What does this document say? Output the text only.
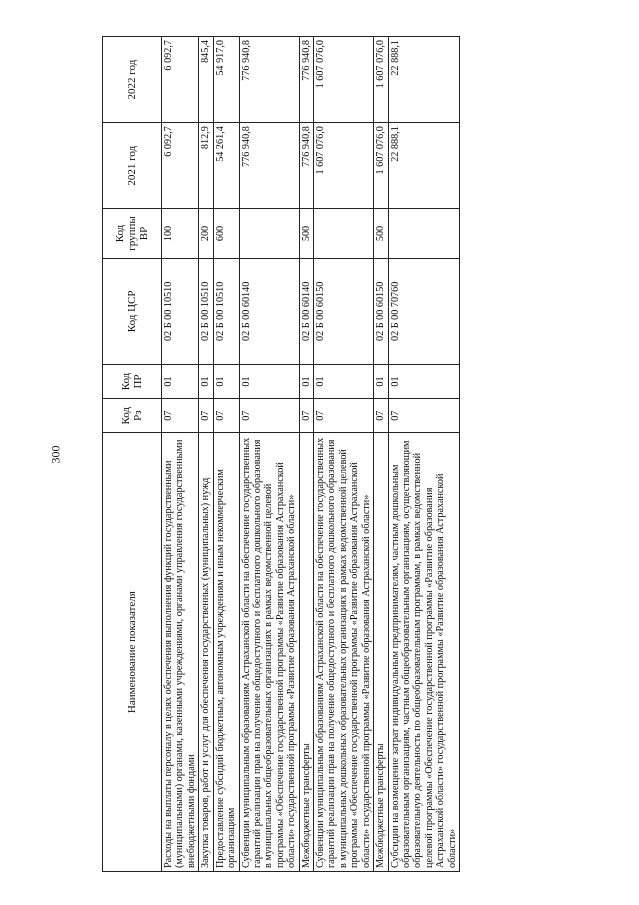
300
Наименование показателя	Код Рз	Код ПР	Код ЦСР	Код группы ВР	2021 год	2022 год
Расходы на выплаты персоналу в целях обеспечения выполнения функций государственными (муниципальными) органами, казенными учреждениями, органами управления государственными внебюджетными фондами	07	01	02 Б 00 10510	100	6 092,7	6 092,7
Закупка товаров, работ и услуг для обеспечения государственных (муниципальных) нужд	07	01	02 Б 00 10510	200	812,9	845,4
Предоставление субсидий бюджетным, автономным учреждениям и иным некоммерческим организациям	07	01	02 Б 00 10510	600	54 261,4	54 917,0
Субвенции муниципальным образованиям Астраханской области на обеспечение государственных гарантий реализации прав на получение общедоступного и бесплатного дошкольного образования в муниципальных общеобразовательных организациях в рамках ведомственной целевой программы «Обеспечение государственной программы «Развитие образования Астраханской области» государственной программы «Развитие образования Астраханской области»	07	01	02 Б 00 60140		776 940,8	776 940,8
Межбюджетные трансферты	07	01	02 Б 00 60140	500	776 940,8	776 940,8
Субвенции муниципальным образованиям Астраханской области на обеспечение государственных гарантий реализации прав на получение общедоступного и бесплатного дошкольного образования в муниципальных дошкольных образовательных организациях в рамках ведомственной целевой программы «Обеспечение государственной программы «Развитие образования Астраханской области» государственной программы «Развитие образования Астраханской области»	07	01	02 Б 00 60150		1 607 076,0	1 607 076,0
Межбюджетные трансферты	07	01	02 Б 00 60150	500	1 607 076,0	1 607 076,0
Субсидии на возмещение затрат индивидуальным предпринимателям, частным дошкольным образовательным организациям, частным общеобразовательным организациям, осуществляющим образовательную деятельность по общеобразовательным программам, в рамках ведомственной целевой программы «Обеспечение государственной программы «Развитие образования Астраханской области» государственной программы «Развитие образования Астраханской области»	07	01	02 Б 00 70760		22 888,1	22 888,1
